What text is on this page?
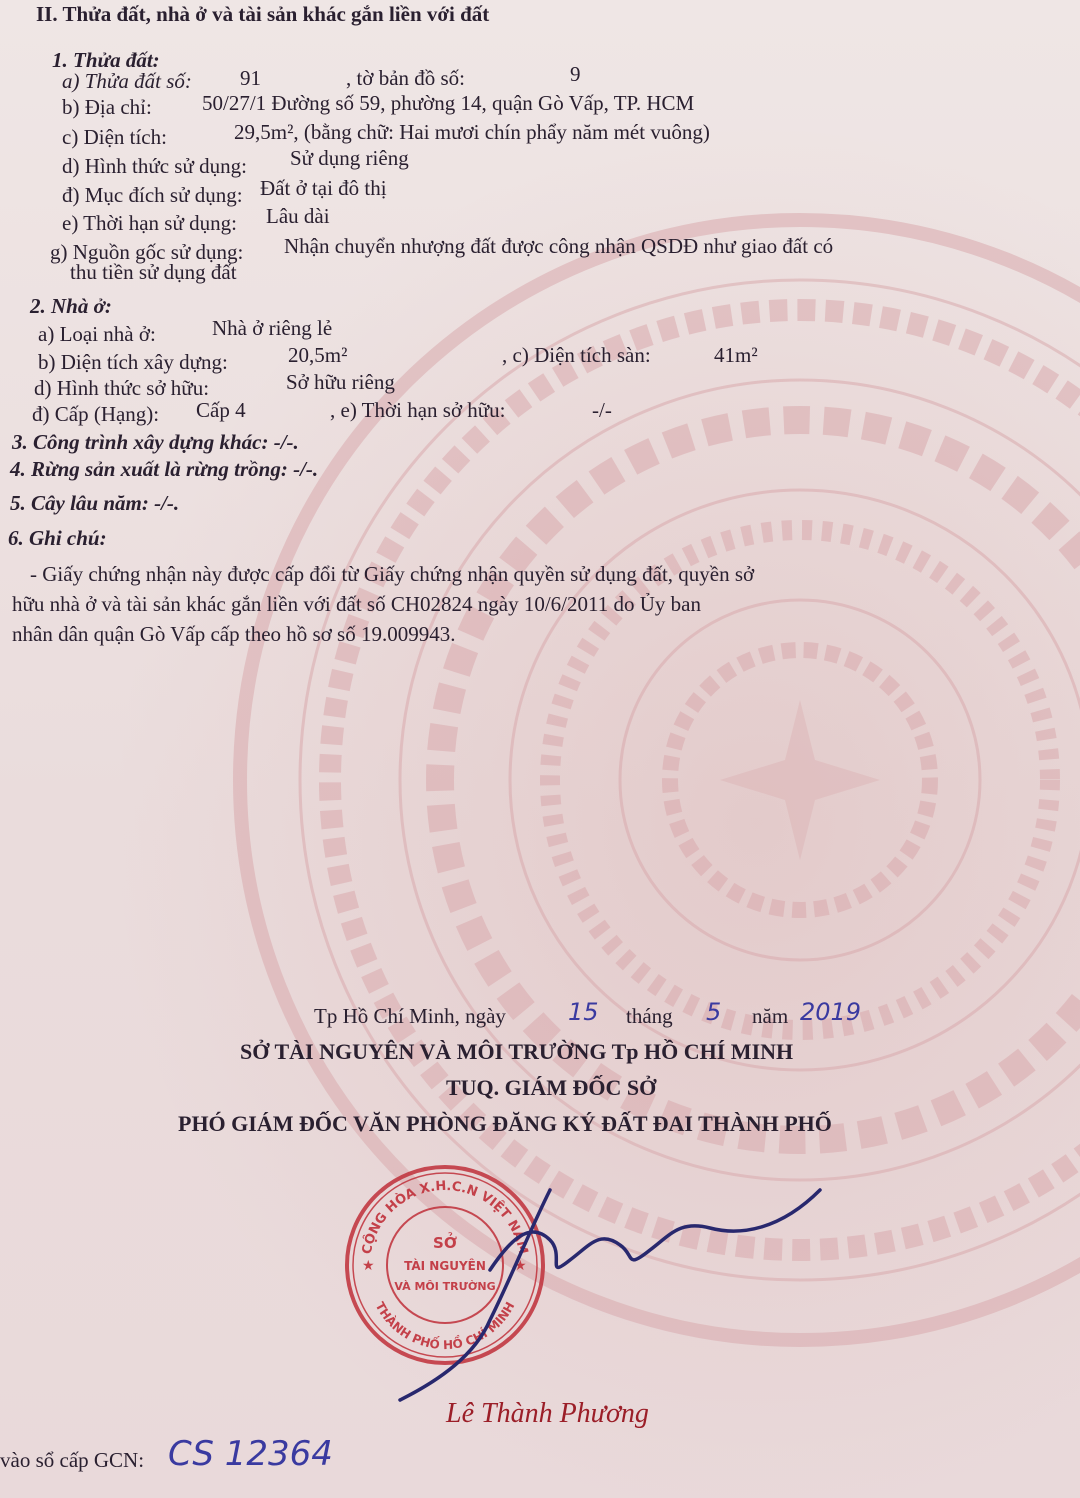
II. Thửa đất, nhà ở và tài sản khác gắn liền với đất
1. Thửa đất:
a) Thửa đất số: 91	, tờ bản đồ số:	9
b) Địa chỉ: 50/27/1 Đường số 59, phường 14, quận Gò Vấp, TP. HCM
c) Diện tích:	29,5m², (bằng chữ: Hai mươi chín phẩy năm mét vuông)
d) Hình thức sử dụng: Sử dụng riêng
đ) Mục đích sử dụng: Đất ở tại đô thị
e) Thời hạn sử dụng: Lâu dài
g) Nguồn gốc sử dụng: Nhận chuyển nhượng đất được công nhận QSDĐ như giao đất có
thu tiền sử dụng đất
2. Nhà ở:
a) Loại nhà ở:	Nhà ở riêng lẻ
b) Diện tích xây dựng:	20,5m²	, c) Diện tích sàn:	41m²
d) Hình thức sở hữu:	Sở hữu riêng
đ) Cấp (Hạng): Cấp 4	, e) Thời hạn sở hữu:	-/-
3. Công trình xây dựng khác: -/-.
4. Rừng sản xuất là rừng trồng: -/-.
5. Cây lâu năm: -/-.
6. Ghi chú:
- Giấy chứng nhận này được cấp đổi từ Giấy chứng nhận quyền sử dụng đất, quyền sở
hữu nhà ở và tài sản khác gắn liền với đất số CH02824 ngày 10/6/2011 do Ủy ban
nhân dân quận Gò Vấp cấp theo hồ sơ số 19.009943.
Tp Hồ Chí Minh, ngày	15 tháng 5 năm 2019
SỞ TÀI NGUYÊN VÀ MÔI TRƯỜNG Tp HỒ CHÍ MINH
TUQ. GIÁM ĐỐC SỞ
PHÓ GIÁM ĐỐC VĂN PHÒNG ĐĂNG KÝ ĐẤT ĐAI THÀNH PHỐ
CỘNG HÒA X.H.C.N VIỆT NAM
THÀNH PHỐ HỒ CHÍ MINH
SỞ
TÀI NGUYÊN
VÀ MÔI TRƯỜNG
★	★
Lê Thành Phương
vào sổ cấp GCN: CS 12364
